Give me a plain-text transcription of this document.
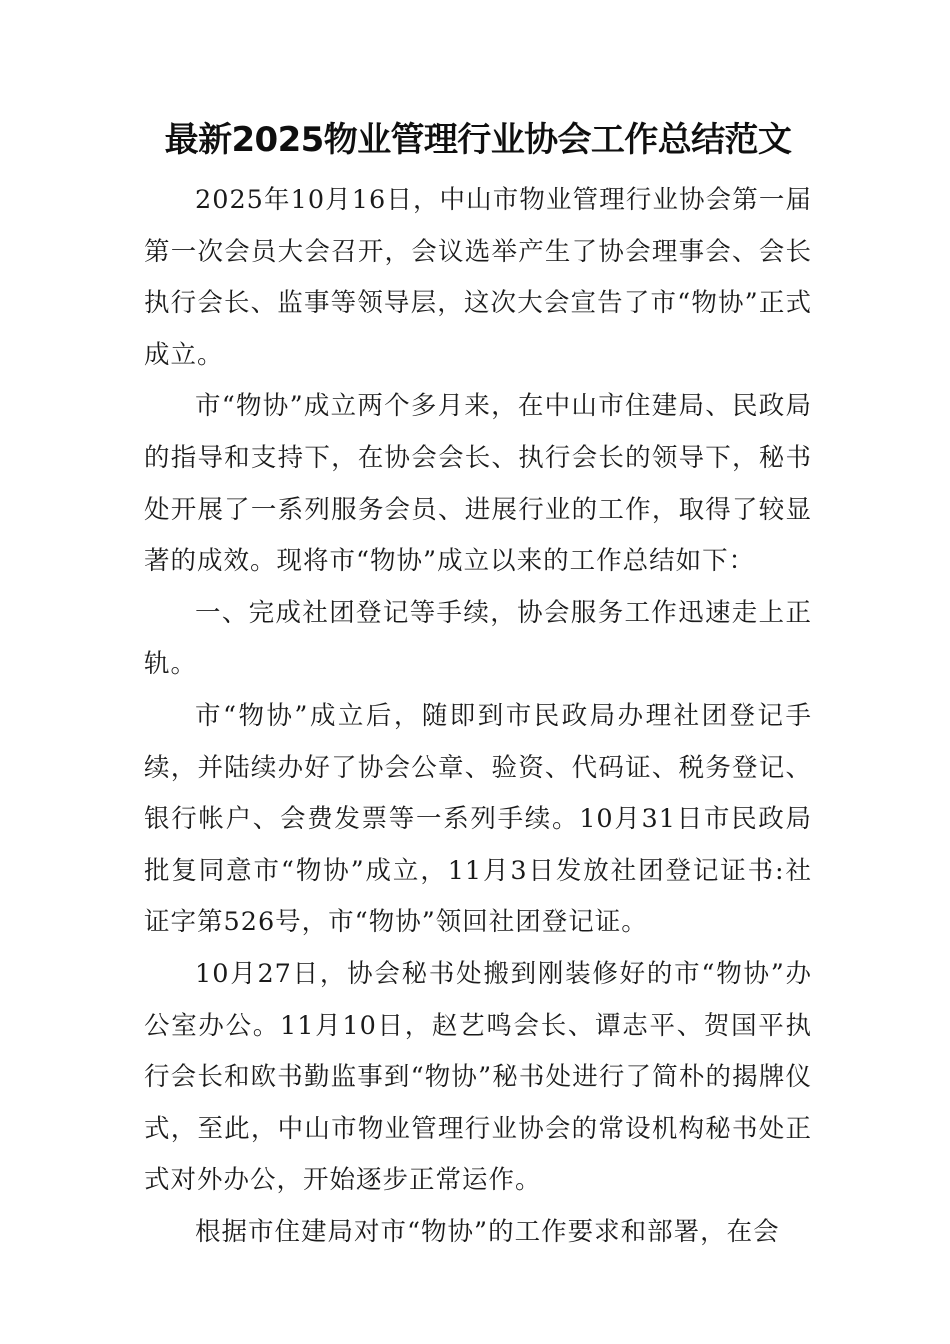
最新2025物业管理行业协会工作总结范文

2025年10月16日，中山市物业管理行业协会第一届第一次会员大会召开，会议选举产生了协会理事会、会长执行会长、监事等领导层，这次大会宣告了市“物协”正式成立。

市“物协”成立两个多月来，在中山市住建局、民政局的指导和支持下，在协会会长、执行会长的领导下，秘书处开展了一系列服务会员、进展行业的工作，取得了较显著的成效。现将市“物协”成立以来的工作总结如下：

一、完成社团登记等手续，协会服务工作迅速走上正轨。

市“物协”成立后，随即到市民政局办理社团登记手续，并陆续办好了协会公章、验资、代码证、税务登记、银行帐户、会费发票等一系列手续。10月31日市民政局批复同意市“物协”成立，11月3日发放社团登记证书:社证字第526号，市“物协”领回社团登记证。

10月27日，协会秘书处搬到刚装修好的市“物协”办公室办公。11月10日，赵艺鸣会长、谭志平、贺国平执行会长和欧书勤监事到“物协”秘书处进行了简朴的揭牌仪式，至此，中山市物业管理行业协会的常设机构秘书处正式对外办公，开始逐步正常运作。

根据市住建局对市“物协”的工作要求和部署，在会
